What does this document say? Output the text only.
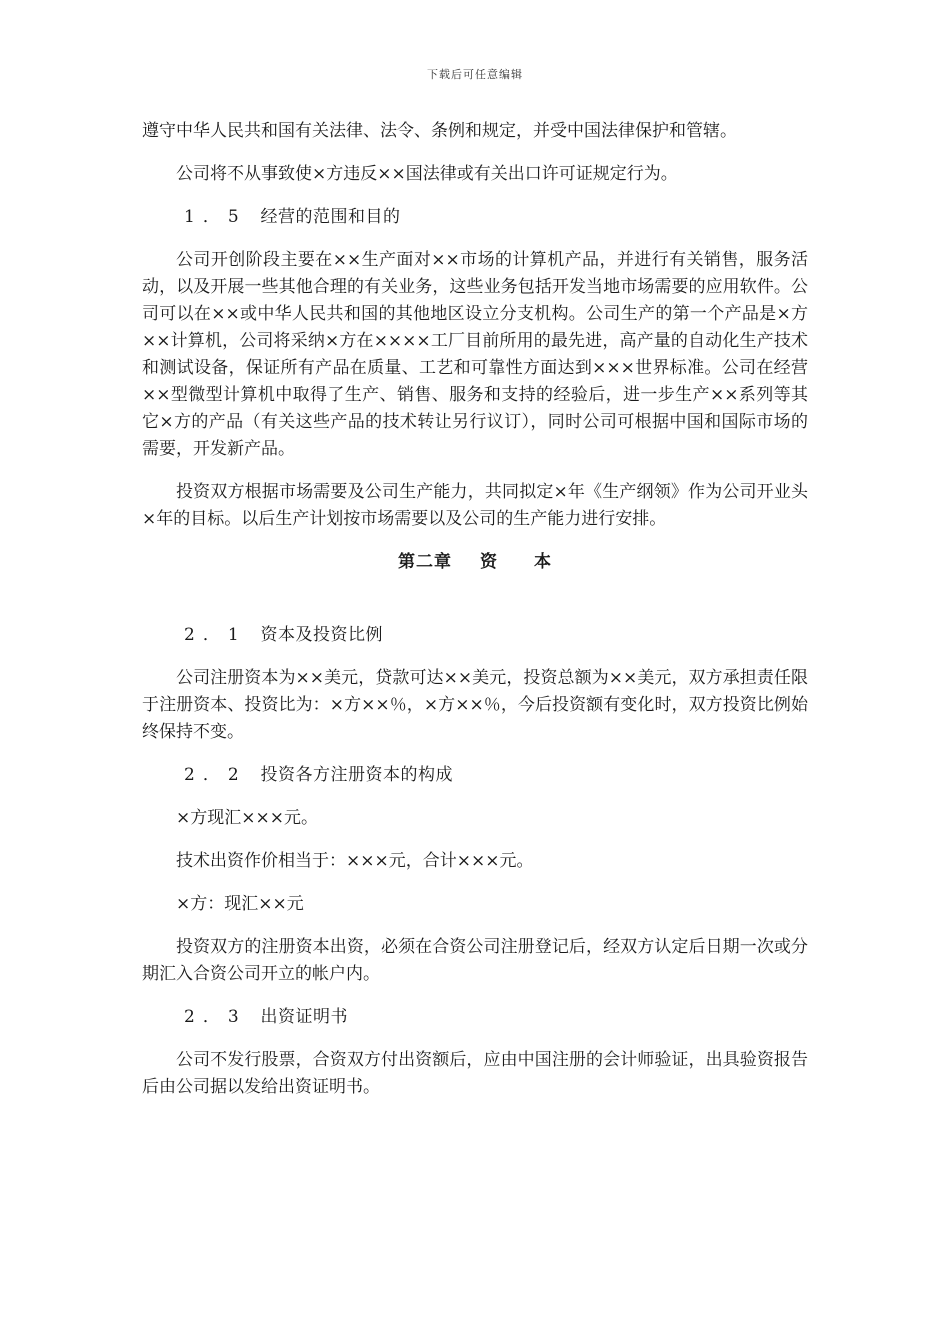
下载后可任意编辑

遵守中华人民共和国有关法律、法令、条例和规定，并受中国法律保护和管辖。

公司将不从事致使×方违反××国法律或有关出口许可证规定行为。

1．5 经营的范围和目的

公司开创阶段主要在××生产面对××市场的计算机产品，并进行有关销售，服务活动，以及开展一些其他合理的有关业务，这些业务包括开发当地市场需要的应用软件。公司可以在××或中华人民共和国的其他地区设立分支机构。公司生产的第一个产品是×方××计算机，公司将采纳×方在××××工厂目前所用的最先进，高产量的自动化生产技术和测试设备，保证所有产品在质量、工艺和可靠性方面达到×××世界标准。公司在经营××型微型计算机中取得了生产、销售、服务和支持的经验后，进一步生产××系列等其它×方的产品（有关这些产品的技术转让另行议订），同时公司可根据中国和国际市场的需要，开发新产品。

投资双方根据市场需要及公司生产能力，共同拟定×年《生产纲领》作为公司开业头×年的目标。以后生产计划按市场需要以及公司的生产能力进行安排。

第二章 资 本
2．1 资本及投资比例

公司注册资本为××美元，贷款可达××美元，投资总额为××美元，双方承担责任限于注册资本、投资比为：×方××％，×方××％，今后投资额有变化时，双方投资比例始终保持不变。

2．2 投资各方注册资本的构成

×方现汇×××元。

技术出资作价相当于：×××元，合计×××元。

×方：现汇××元

投资双方的注册资本出资，必须在合资公司注册登记后，经双方认定后日期一次或分期汇入合资公司开立的帐户内。

2．3 出资证明书

公司不发行股票，合资双方付出资额后，应由中国注册的会计师验证，出具验资报告后由公司据以发给出资证明书。
